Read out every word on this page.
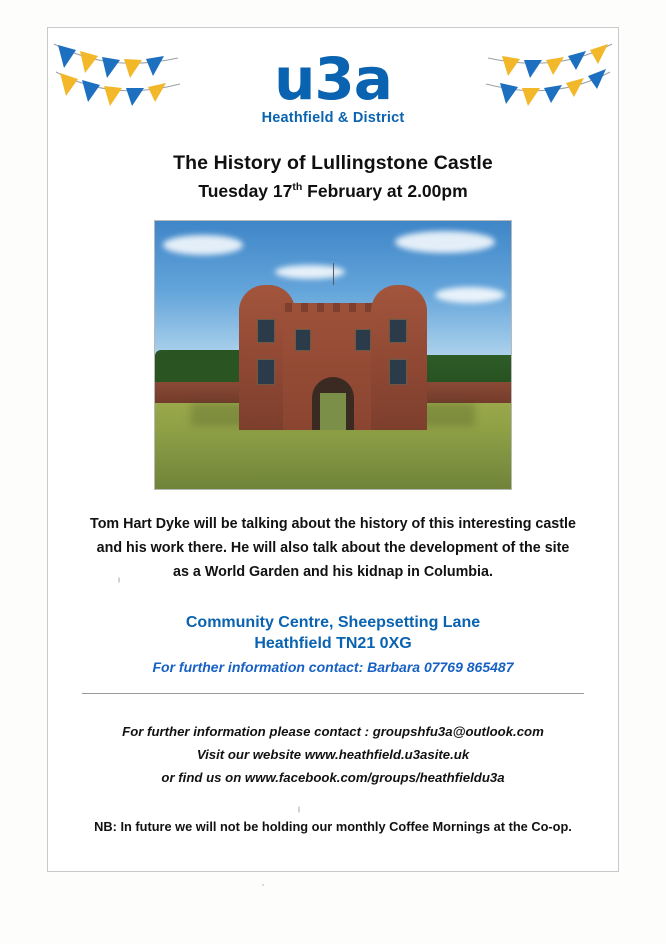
u3a
Heathfield & District
The History of Lullingstone Castle
Tuesday 17th February at 2.00pm
Tom Hart Dyke will be talking about the history of this interesting castle
and his work there. He will also talk about the development of the site
as a World Garden and his kidnap in Columbia.
Community Centre, Sheepsetting Lane
Heathfield TN21 0XG
For further information contact: Barbara 07769 865487
For further information please contact : groupshfu3a@outlook.com
Visit our website www.heathfield.u3asite.uk
or find us on www.facebook.com/groups/heathfieldu3a
NB: In future we will not be holding our monthly Coffee Mornings at the Co-op.
